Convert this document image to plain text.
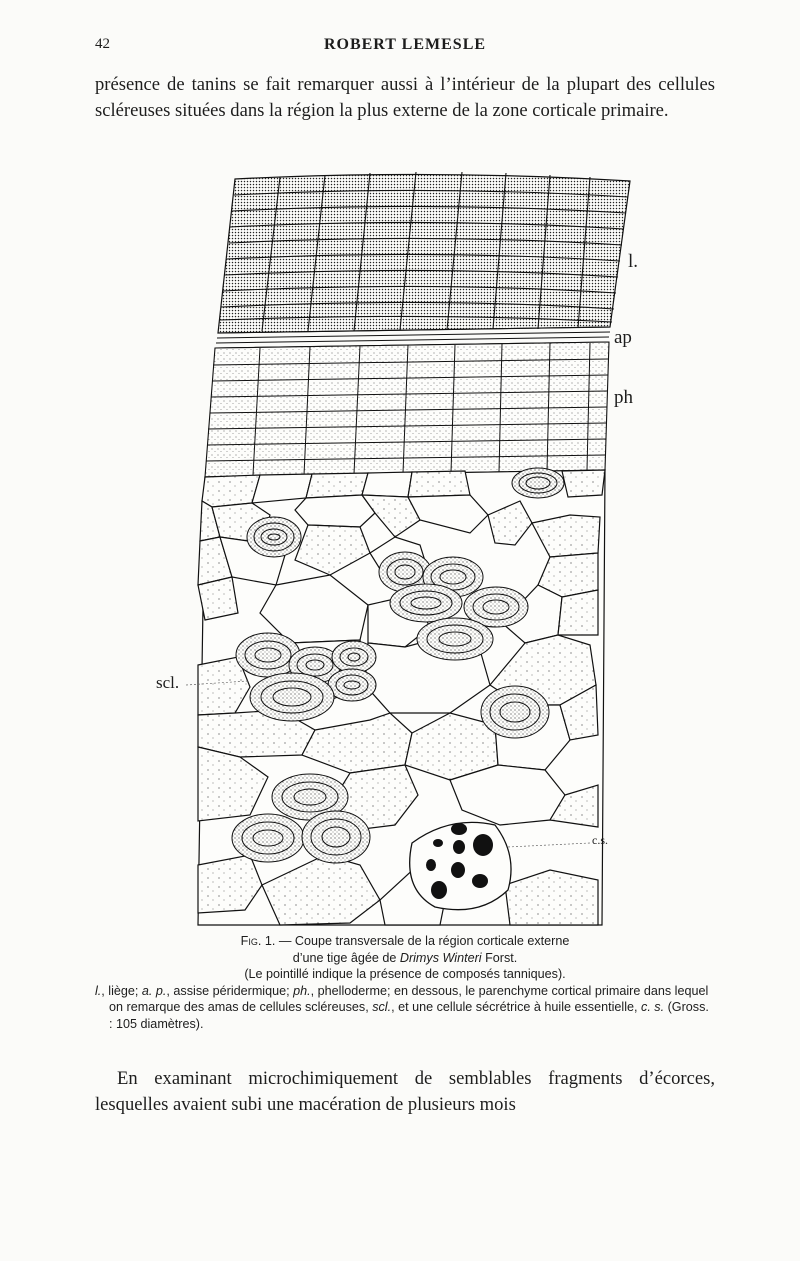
42	ROBERT LEMESLE

présence de tanins se fait remarquer aussi à l’intérieur de la plupart des cellules scléreuses situées dans la région la plus externe de la zone corticale primaire.

l.
ap
ph
scl.
c.s.
Fig. 1. — Coupe transversale de la région corticale externe
d’une tige âgée de Drimys Winteri Forst.
(Le pointillé indique la présence de composés tanniques).
l., liège; a. p., assise péridermique; ph., phelloderme; en dessous, le parenchyme cortical primaire dans lequel on remarque des amas de cellules scléreuses, scl., et une cellule sécrétrice à huile essentielle, c. s. (Gross. : 105 diamètres).

En examinant microchimiquement de semblables fragments d’écorces, lesquelles avaient subi une macération de plusieurs mois
